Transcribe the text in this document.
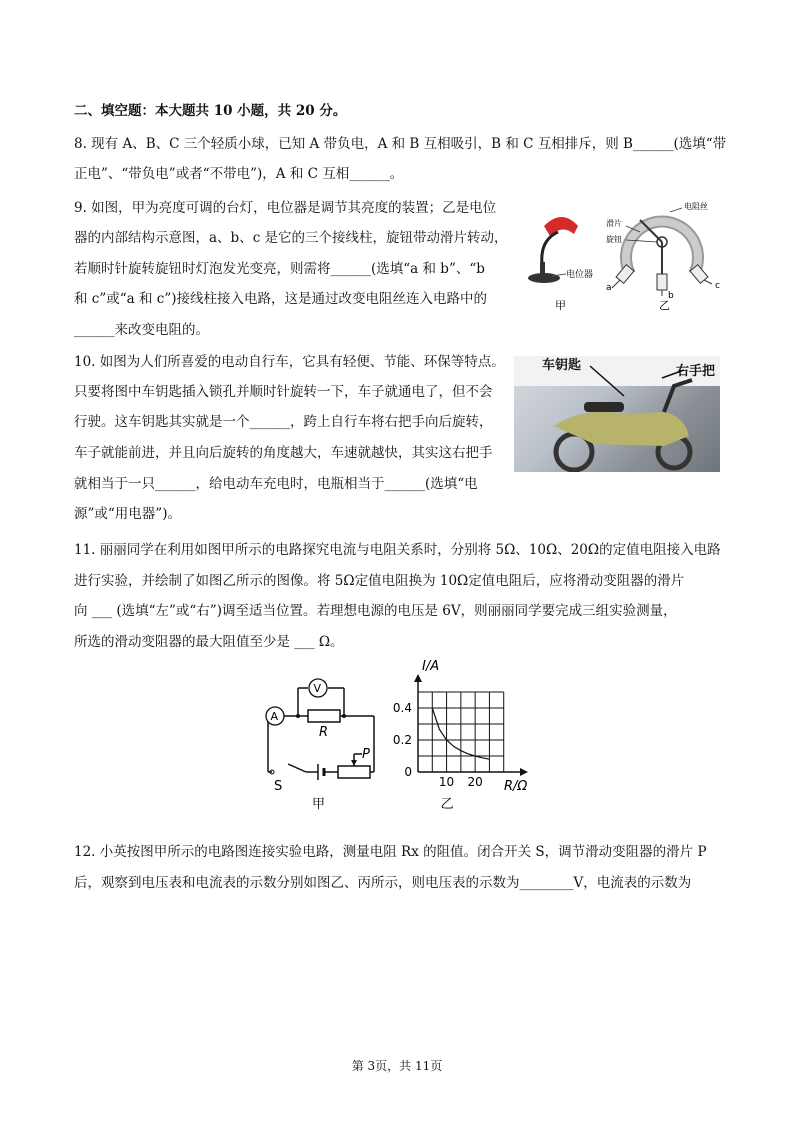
二、填空题：本大题共 10 小题，共 20 分。
8. 现有 A、B、C 三个轻质小球，已知 A 带负电，A 和 B 互相吸引，B 和 C 互相排斥，则 B______(选填“带
正电”、“带负电”或者“不带电”)，A 和 C 互相______。
9. 如图，甲为亮度可调的台灯，电位器是调节其亮度的装置；乙是电位
器的内部结构示意图，a、b、c 是它的三个接线柱，旋钮带动滑片转动，
若顺时针旋转旋钮时灯泡发光变亮，则需将______(选填“a 和 b”、“b
和 c”或“a 和 c”)接线柱接入电路，这是通过改变电阻丝连入电路中的
______来改变电阻的。
电位器
甲
电阻丝
滑片
旋钮
a
b
c
乙
10. 如图为人们所喜爱的电动自行车，它具有轻便、节能、环保等特点。
只要将图中车钥匙插入锁孔并顺时针旋转一下，车子就通电了，但不会
行驶。这车钥匙其实就是一个______，跨上自行车将右把手向后旋转，
车子就能前进，并且向后旋转的角度越大，车速就越快，其实这右把手
就相当于一只______，给电动车充电时，电瓶相当于______(选填“电
源”或“用电器”)。
车钥匙	右手把
11. 丽丽同学在利用如图甲所示的电路探究电流与电阻关系时，分别将 5Ω、10Ω、20Ω的定值电阻接入电路
进行实验，并绘制了如图乙所示的图像。将 5Ω定值电阻换为 10Ω定值电阻后，应将滑动变阻器的滑片
向 ___ (选填“左”或“右”)调至适当位置。若理想电源的电压是 6V，则丽丽同学要完成三组实验测量，
所选的滑动变阻器的最大阻值至少是 ___ Ω。
A
V
R
P
S
甲
0.2
0.4
0
10 20
I/A
R/Ω
乙
12. 小英按图甲所示的电路图连接实验电路，测量电阻 Rx 的阻值。闭合开关 S，调节滑动变阻器的滑片 P
后，观察到电压表和电流表的示数分别如图乙、丙所示，则电压表的示数为________V，电流表的示数为
第 3页，共 11页
